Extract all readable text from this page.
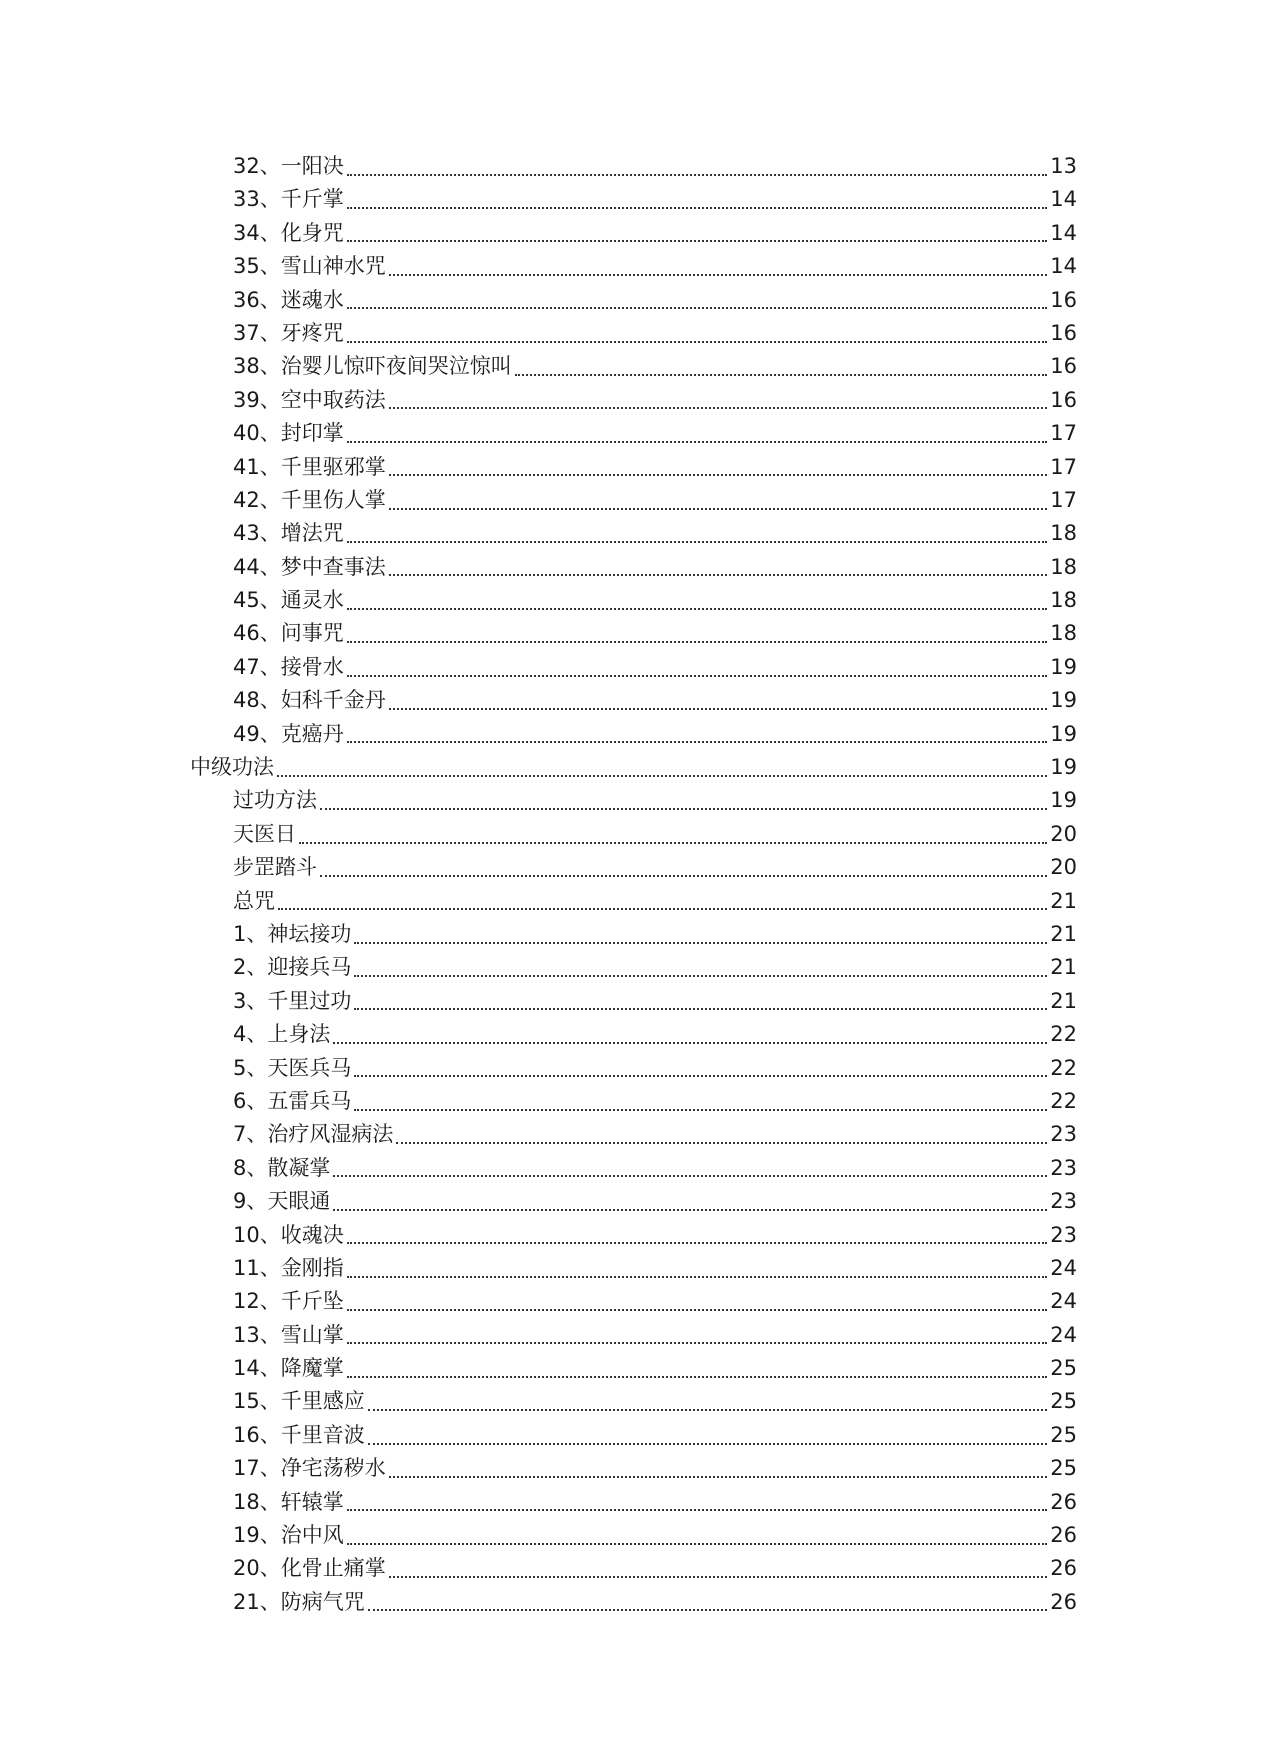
32、一阳决	13
33、千斤掌	14
34、化身咒	14
35、雪山神水咒	14
36、迷魂水	16
37、牙疼咒	16
38、治婴儿惊吓夜间哭泣惊叫	16
39、空中取药法	16
40、封印掌	17
41、千里驱邪掌	17
42、千里伤人掌	17
43、增法咒	18
44、梦中查事法	18
45、通灵水	18
46、问事咒	18
47、接骨水	19
48、妇科千金丹	19
49、克癌丹	19
中级功法	19
过功方法	19
天医日	20
步罡踏斗	20
总咒	21
1、神坛接功	21
2、迎接兵马	21
3、千里过功	21
4、上身法	22
5、天医兵马	22
6、五雷兵马	22
7、治疗风湿病法	23
8、散凝掌	23
9、天眼通	23
10、收魂决	23
11、金刚指	24
12、千斤坠	24
13、雪山掌	24
14、降魔掌	25
15、千里感应	25
16、千里音波	25
17、净宅荡秽水	25
18、轩辕掌	26
19、治中风	26
20、化骨止痛掌	26
21、防病气咒	26
